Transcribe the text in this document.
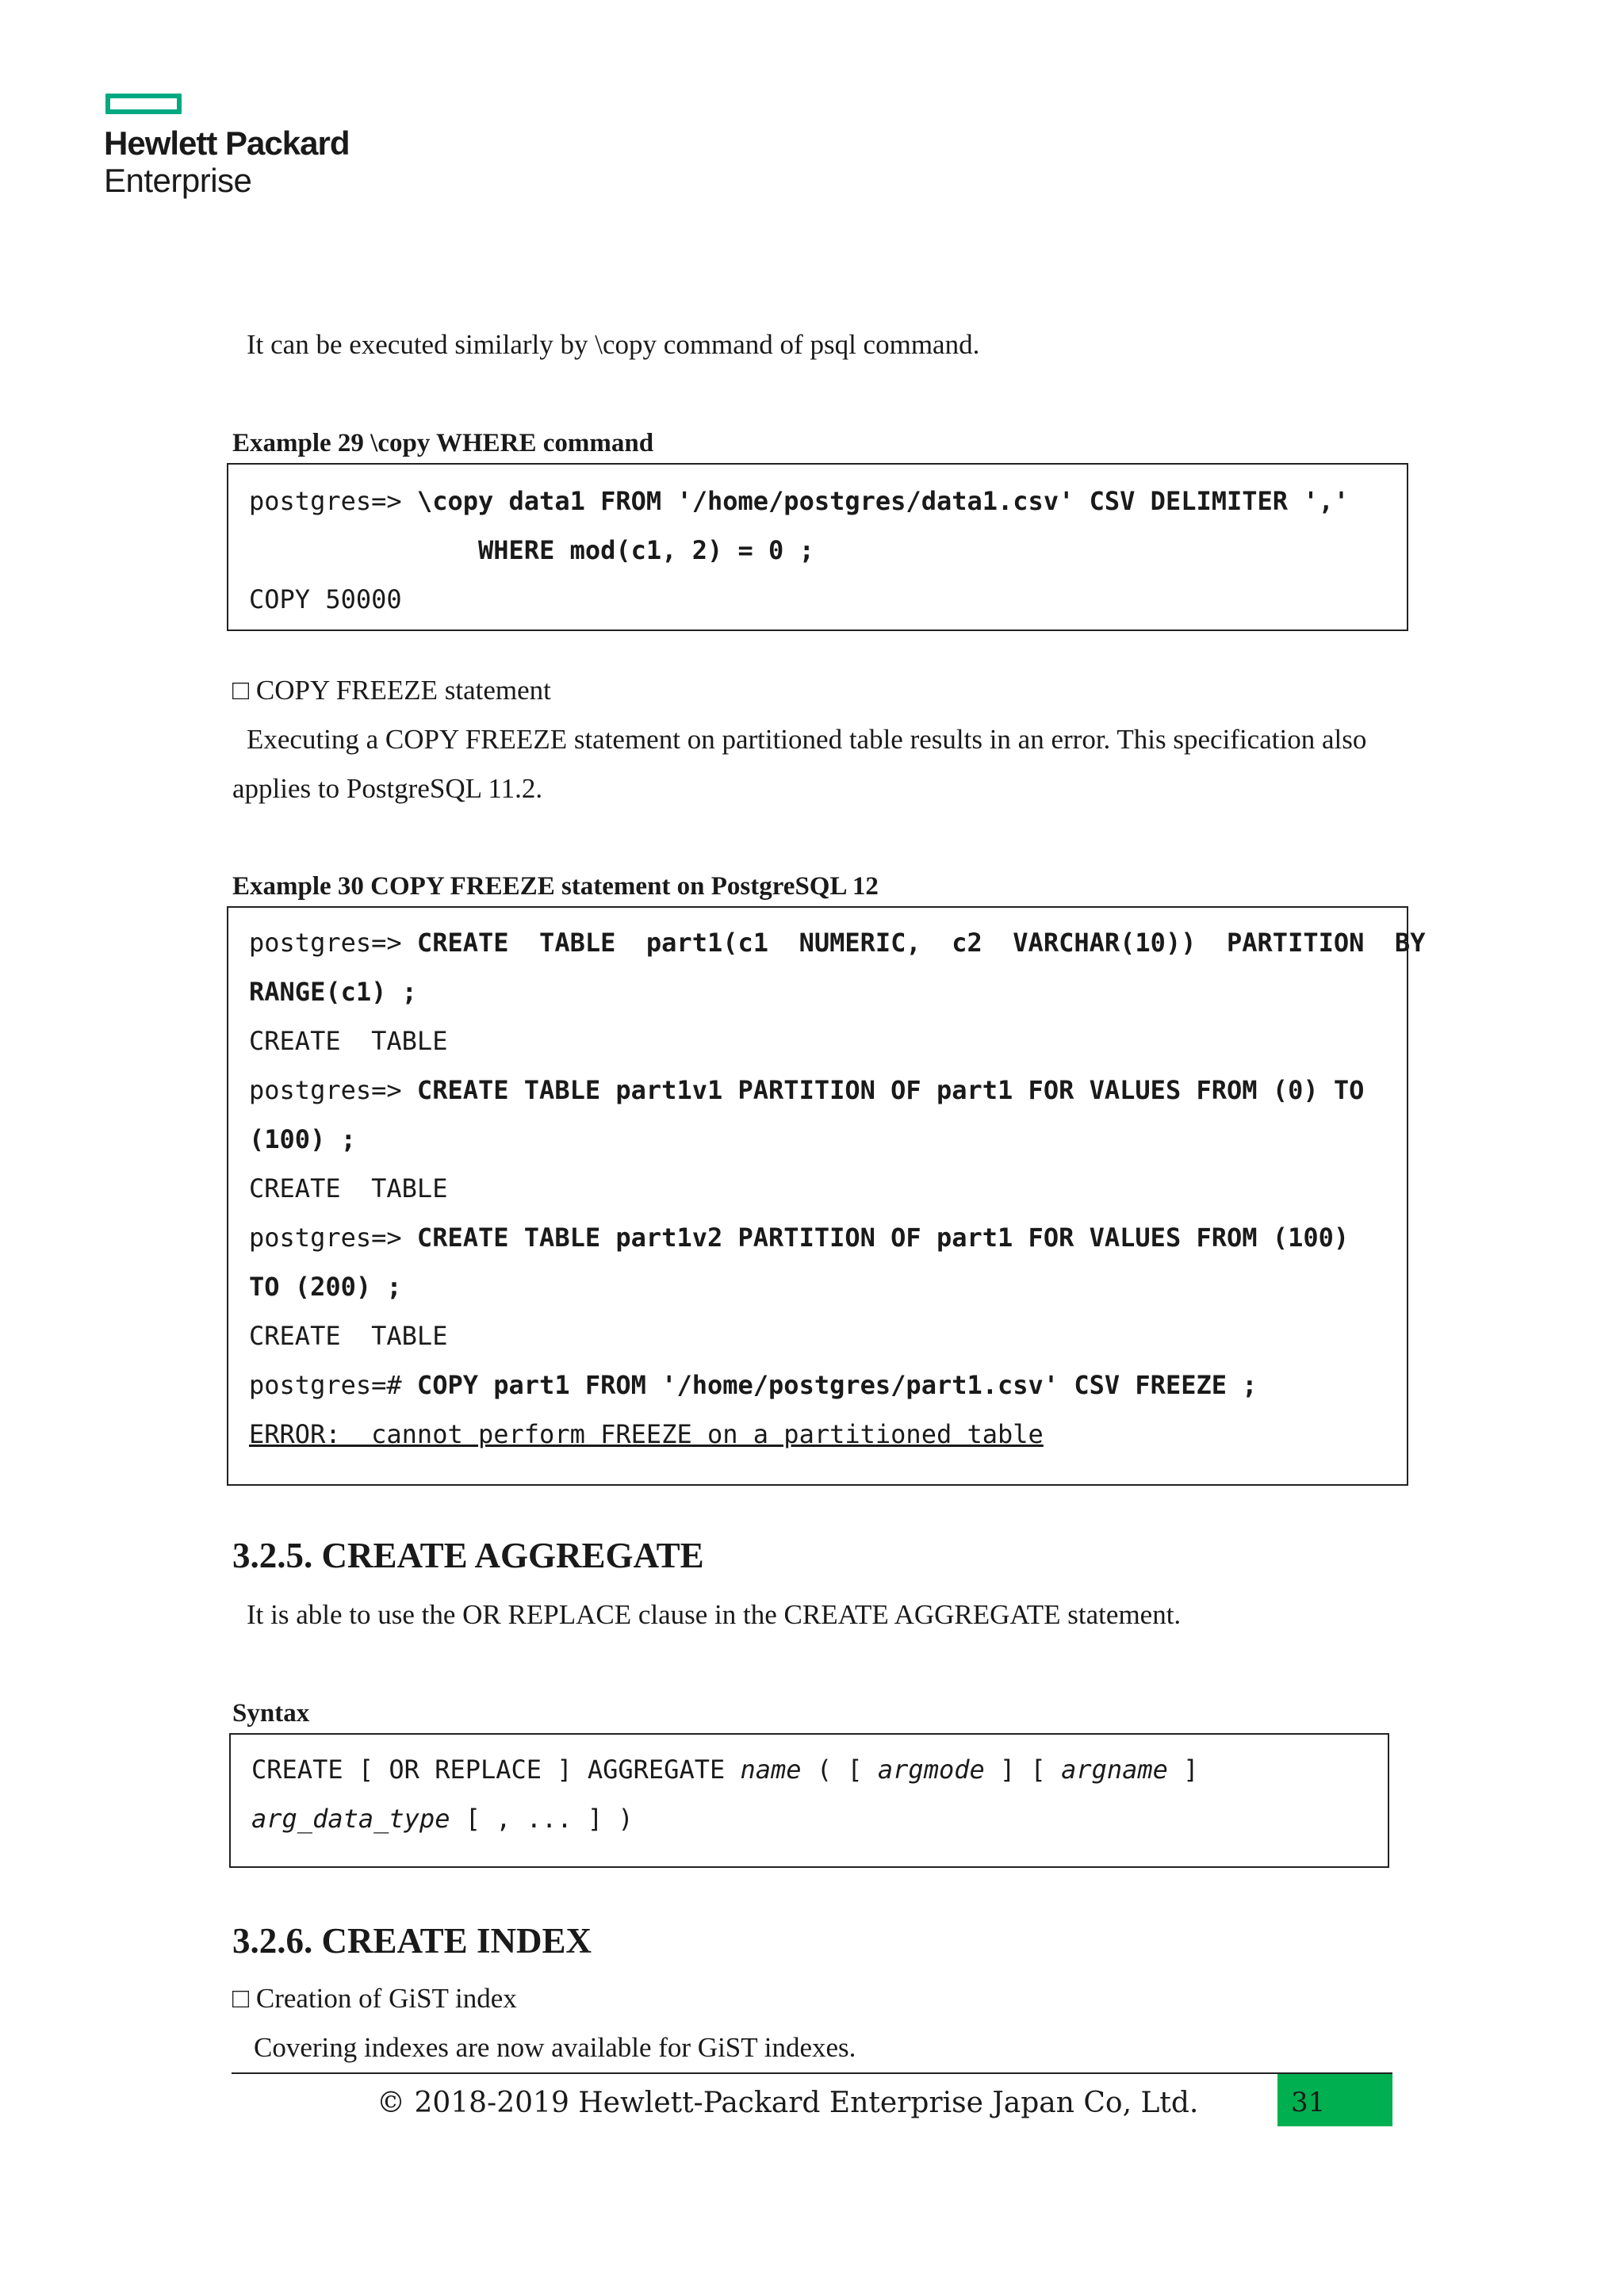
Hewlett Packard
Enterprise
It can be executed similarly by \copy command of psql command.
Example 29 \copy WHERE command
postgres=> \copy data1 FROM '/home/postgres/data1.csv' CSV DELIMITER ','
WHERE mod(c1, 2) = 0 ;
COPY 50000
□ COPY FREEZE statement
Executing a COPY FREEZE statement on partitioned table results in an error. This specification also
applies to PostgreSQL 11.2.
Example 30 COPY FREEZE statement on PostgreSQL 12
postgres=> CREATE  TABLE  part1(c1  NUMERIC,  c2  VARCHAR(10))  PARTITION  BY
RANGE(c1) ;
CREATE  TABLE
postgres=> CREATE TABLE part1v1 PARTITION OF part1 FOR VALUES FROM (0) TO
(100) ;
CREATE  TABLE
postgres=> CREATE TABLE part1v2 PARTITION OF part1 FOR VALUES FROM (100)
TO (200) ;
CREATE  TABLE
postgres=# COPY part1 FROM '/home/postgres/part1.csv' CSV FREEZE ;
ERROR:  cannot perform FREEZE on a partitioned table
3.2.5. CREATE AGGREGATE
It is able to use the OR REPLACE clause in the CREATE AGGREGATE statement.
Syntax
CREATE [ OR REPLACE ] AGGREGATE name ( [ argmode ] [ argname ]
arg_data_type [ , ... ] )
3.2.6. CREATE INDEX
□ Creation of GiST index
Covering indexes are now available for GiST indexes.
© 2018-2019 Hewlett-Packard Enterprise Japan Co, Ltd.	31
